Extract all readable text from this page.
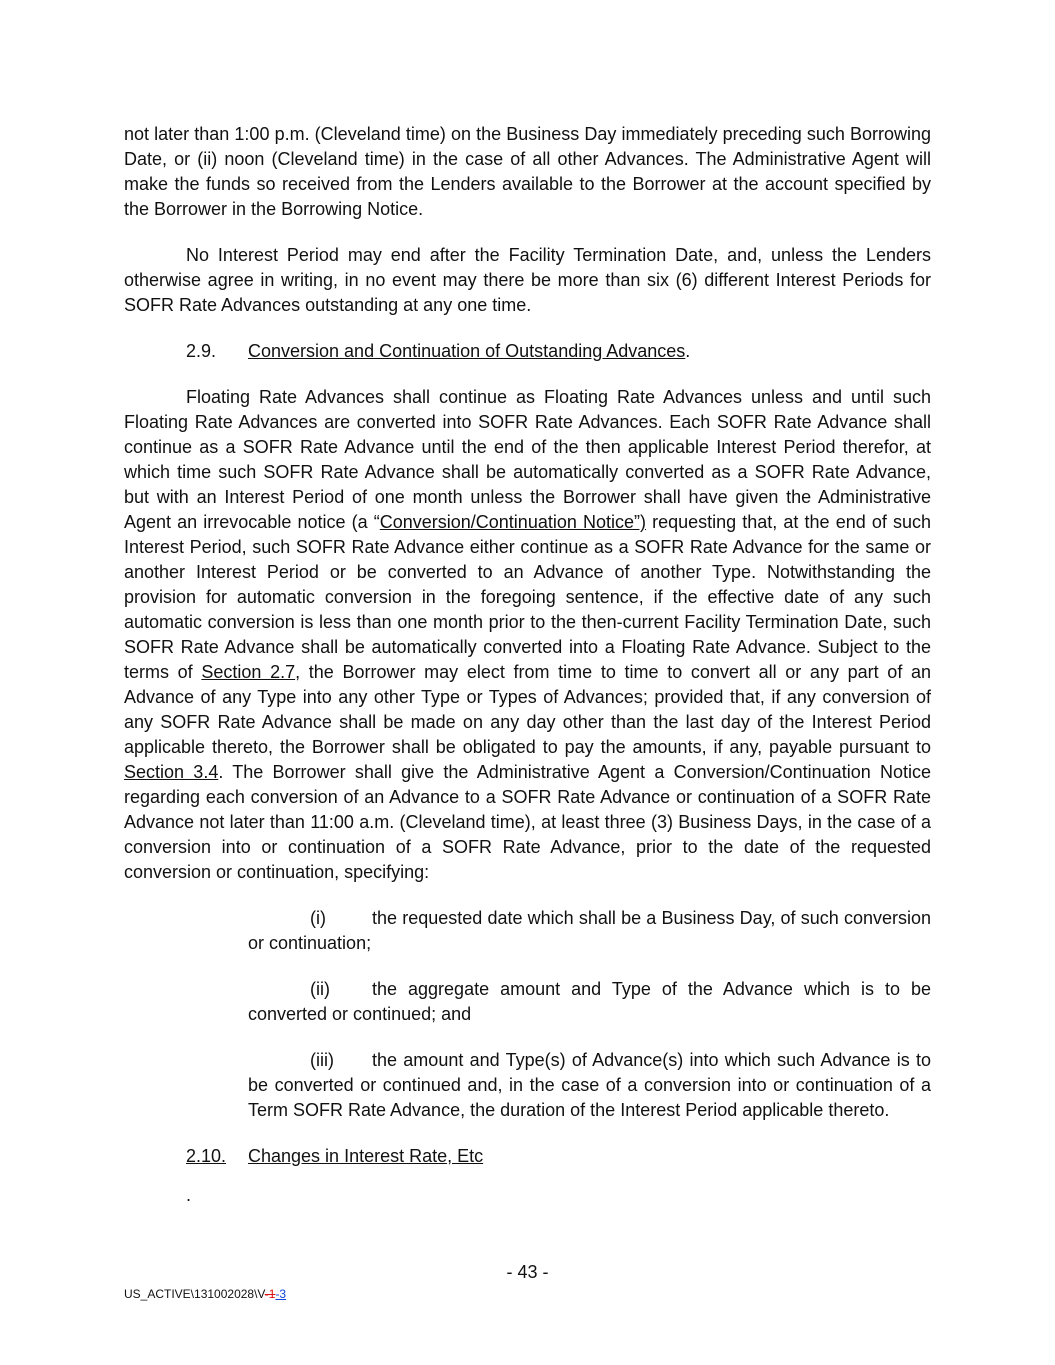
not later than 1:00 p.m. (Cleveland time) on the Business Day immediately preceding such Borrowing Date, or (ii) noon (Cleveland time) in the case of all other Advances. The Administrative Agent will make the funds so received from the Lenders available to the Borrower at the account specified by the Borrower in the Borrowing Notice.

No Interest Period may end after the Facility Termination Date, and, unless the Lenders otherwise agree in writing, in no event may there be more than six (6) different Interest Periods for SOFR Rate Advances outstanding at any one time.

2.9. Conversion and Continuation of Outstanding Advances.

Floating Rate Advances shall continue as Floating Rate Advances unless and until such Floating Rate Advances are converted into SOFR Rate Advances. Each SOFR Rate Advance shall continue as a SOFR Rate Advance until the end of the then applicable Interest Period therefor, at which time such SOFR Rate Advance shall be automatically converted as a SOFR Rate Advance, but with an Interest Period of one month unless the Borrower shall have given the Administrative Agent an irrevocable notice (a “Conversion/Continuation Notice”) requesting that, at the end of such Interest Period, such SOFR Rate Advance either continue as a SOFR Rate Advance for the same or another Interest Period or be converted to an Advance of another Type. Notwithstanding the provision for automatic conversion in the foregoing sentence, if the effective date of any such automatic conversion is less than one month prior to the then-current Facility Termination Date, such SOFR Rate Advance shall be automatically converted into a Floating Rate Advance. Subject to the terms of Section 2.7, the Borrower may elect from time to time to convert all or any part of an Advance of any Type into any other Type or Types of Advances; provided that, if any conversion of any SOFR Rate Advance shall be made on any day other than the last day of the Interest Period applicable thereto, the Borrower shall be obligated to pay the amounts, if any, payable pursuant to Section 3.4. The Borrower shall give the Administrative Agent a Conversion/Continuation Notice regarding each conversion of an Advance to a SOFR Rate Advance or continuation of a SOFR Rate Advance not later than 11:00 a.m. (Cleveland time), at least three (3) Business Days, in the case of a conversion into or continuation of a SOFR Rate Advance, prior to the date of the requested conversion or continuation, specifying:

(i)	the requested date which shall be a Business Day, of such conversion or continuation;

(ii) the aggregate amount and Type of the Advance which is to be converted or continued; and

(iii) the amount and Type(s) of Advance(s) into which such Advance is to be converted or continued and, in the case of a conversion into or continuation of a Term SOFR Rate Advance, the duration of the Interest Period applicable thereto.

2.10. Changes in Interest Rate, Etc
.
- 43 -
US_ACTIVE\131002028\V-1-3
